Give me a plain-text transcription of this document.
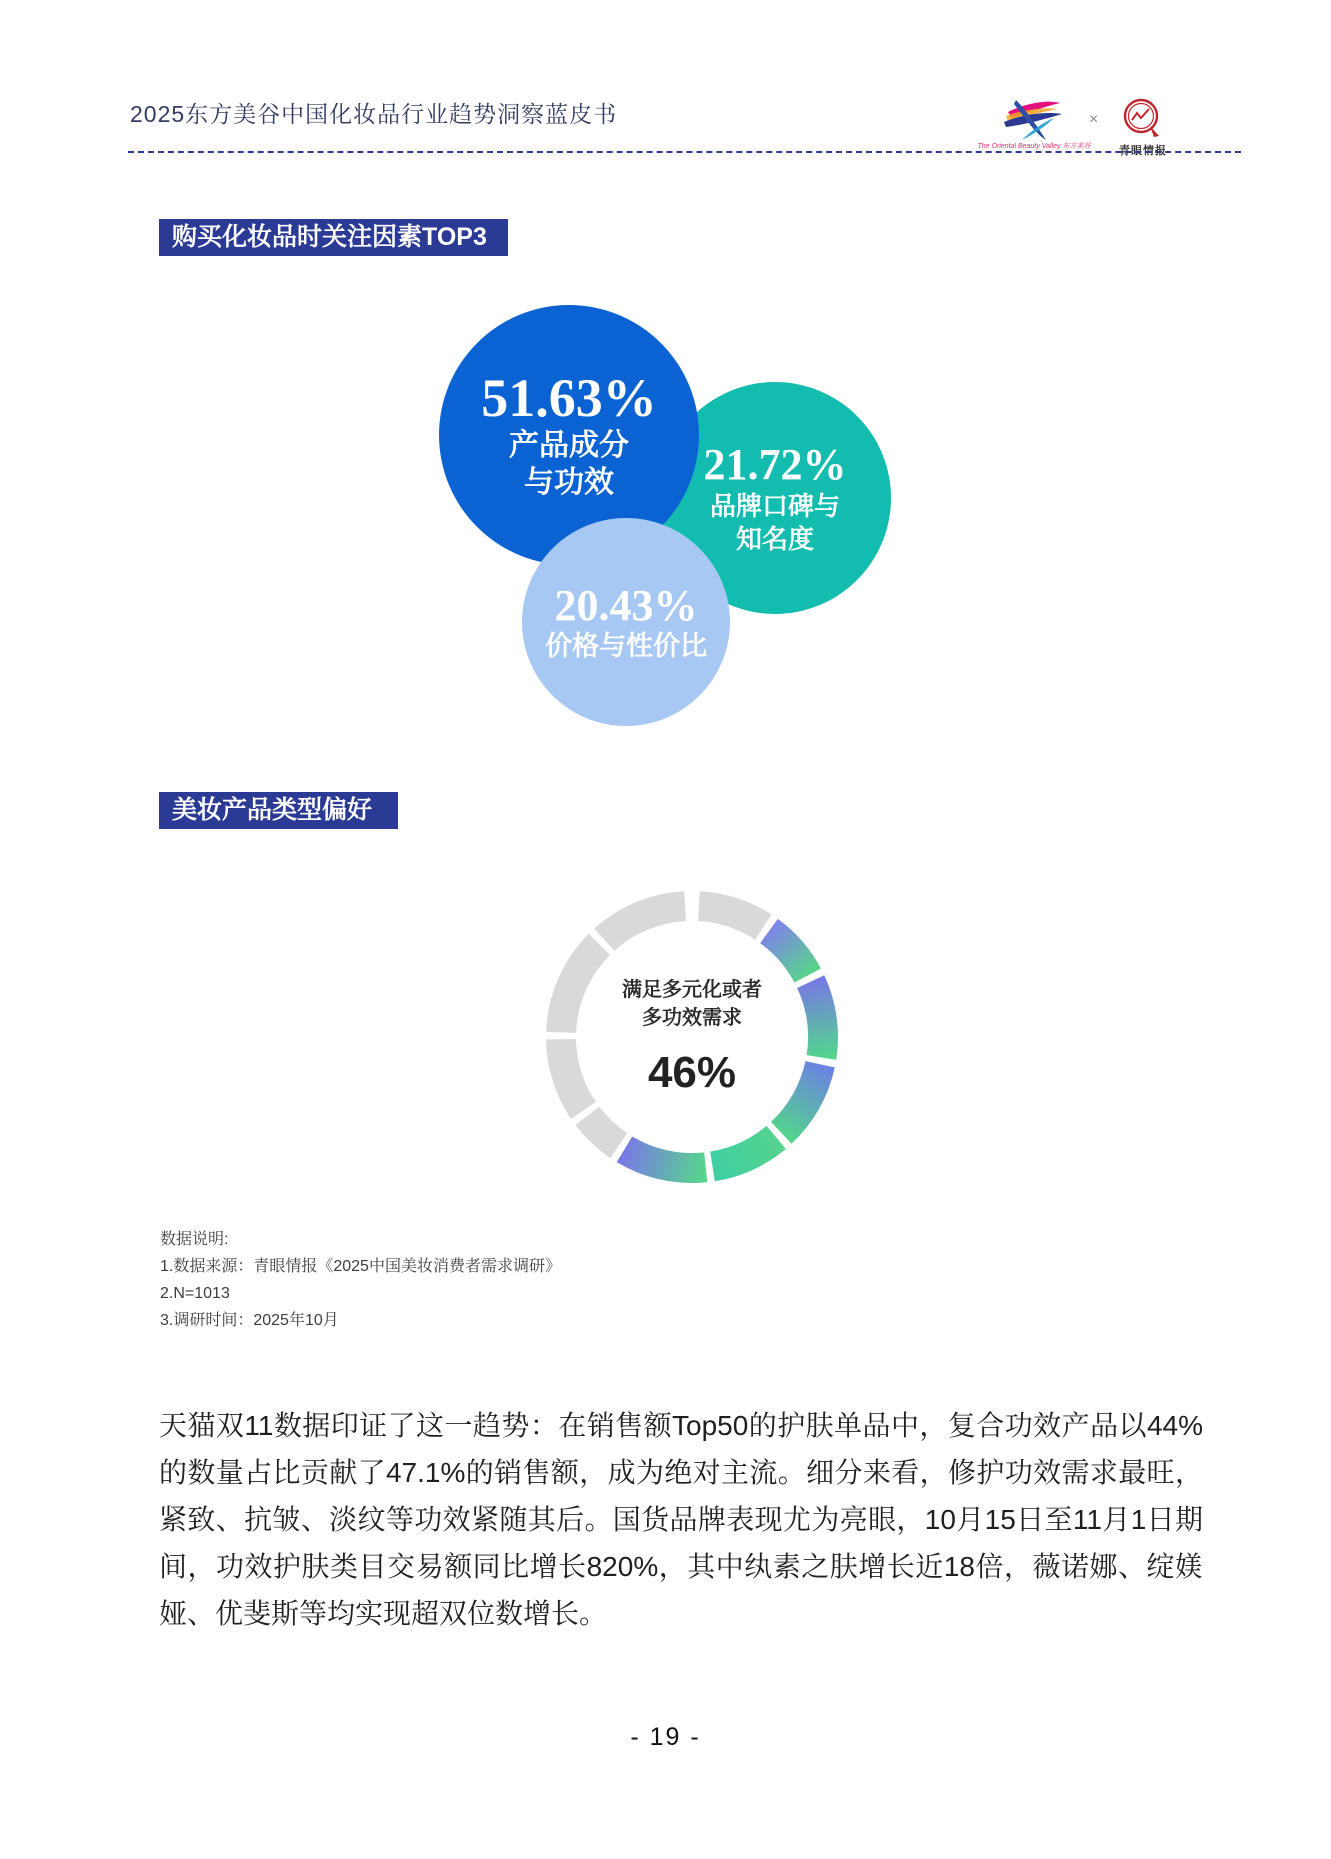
2025东方美谷中国化妆品行业趋势洞察蓝皮书
The Oriental Beauty Valley 东方美谷
×
青眼情报
购买化妆品时关注因素TOP3
21.72%
品牌口碑与
知名度
51.63%
产品成分
与功效
20.43%
价格与性价比
美妆产品类型偏好
满足多元化或者
多功效需求
46%
数据说明:
1.数据来源：青眼情报《2025中国美妆消费者需求调研》
2.N=1013
3.调研时间：2025年10月
天猫双11数据印证了这一趋势：在销售额Top50的护肤单品中，复合功效产品以44%的数量占比贡献了47.1%的销售额，成为绝对主流。细分来看，修护功效需求最旺，紧致、抗皱、淡纹等功效紧随其后。国货品牌表现尤为亮眼，10月15日至11月1日期间，功效护肤类目交易额同比增长820%，其中纨素之肤增长近18倍，薇诺娜、绽媄娅、优斐斯等均实现超双位数增长。
- 19 -
